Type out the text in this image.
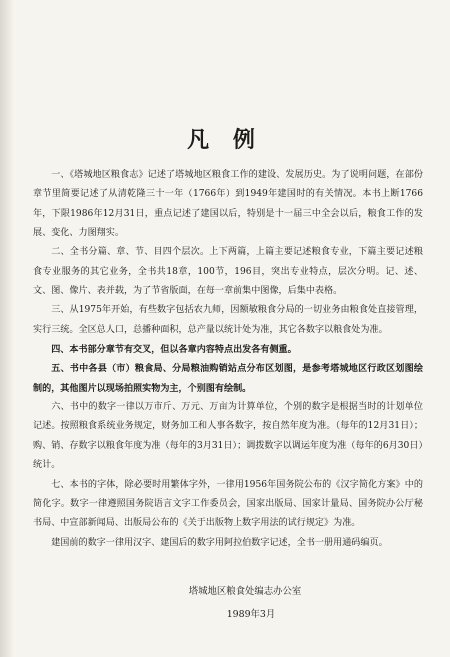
凡 例

一、《塔城地区粮食志》记述了塔城地区粮食工作的建设、发展历史。为了说明问题，在部份章节里简要记述了从清乾隆三十一年（1766年）到1949年建国时的有关情况。本书上断1766年，下限1986年12月31日，重点记述了建国以后，特别是十一届三中全会以后，粮食工作的发展、变化、力图翔实。

二、全书分篇、章、节、目四个层次。上下两篇，上篇主要记述粮食专业，下篇主要记述粮食专业服务的其它业务，全书共18章，100节，196目，突出专业特点，层次分明。记、述、文、图、像片、表并载，为了节省版面，在每一章前集中图像，后集中表格。

三、从1975年开始，有些数字包括农九师，因额敏粮食分局的一切业务由粮食处直接管理，实行三统。全区总人口，总播种面积，总产量以统计处为准，其它各数字以粮食处为准。

四、本书部分章节有交叉，但以各章内容特点出发各有侧重。

五、书中各县（市）粮食局、分局粮油购销站点分布区划图，是参考塔城地区行政区划图绘制的，其他图片以现场拍照实物为主，个别图有绘制。

六、书中的数字一律以万市斤、万元、万亩为计算单位，个别的数字是根据当时的计划单位记述。按照粮食系统业务规定，财务加工和人事各数字，按自然年度为准。（每年的12月31日）；购、销、存数字以粮食年度为准（每年的3月31日）；调拨数字以调运年度为准（每年的6月30日）统计。

七、本书的字体，除必要时用繁体字外，一律用1956年国务院公布的《汉字简化方案》中的简化字。数字一律遵照国务院语言文字工作委员会，国家出版局、国家计量局、国务院办公厅秘书局、中宣部新闻局、出版局公布的《关于出版物上数字用法的试行规定》为准。

建国前的数字一律用汉字、建国后的数字用阿拉伯数字记述，全书一册用通码编页。

塔城地区粮食处编志办公室
1989年3月
